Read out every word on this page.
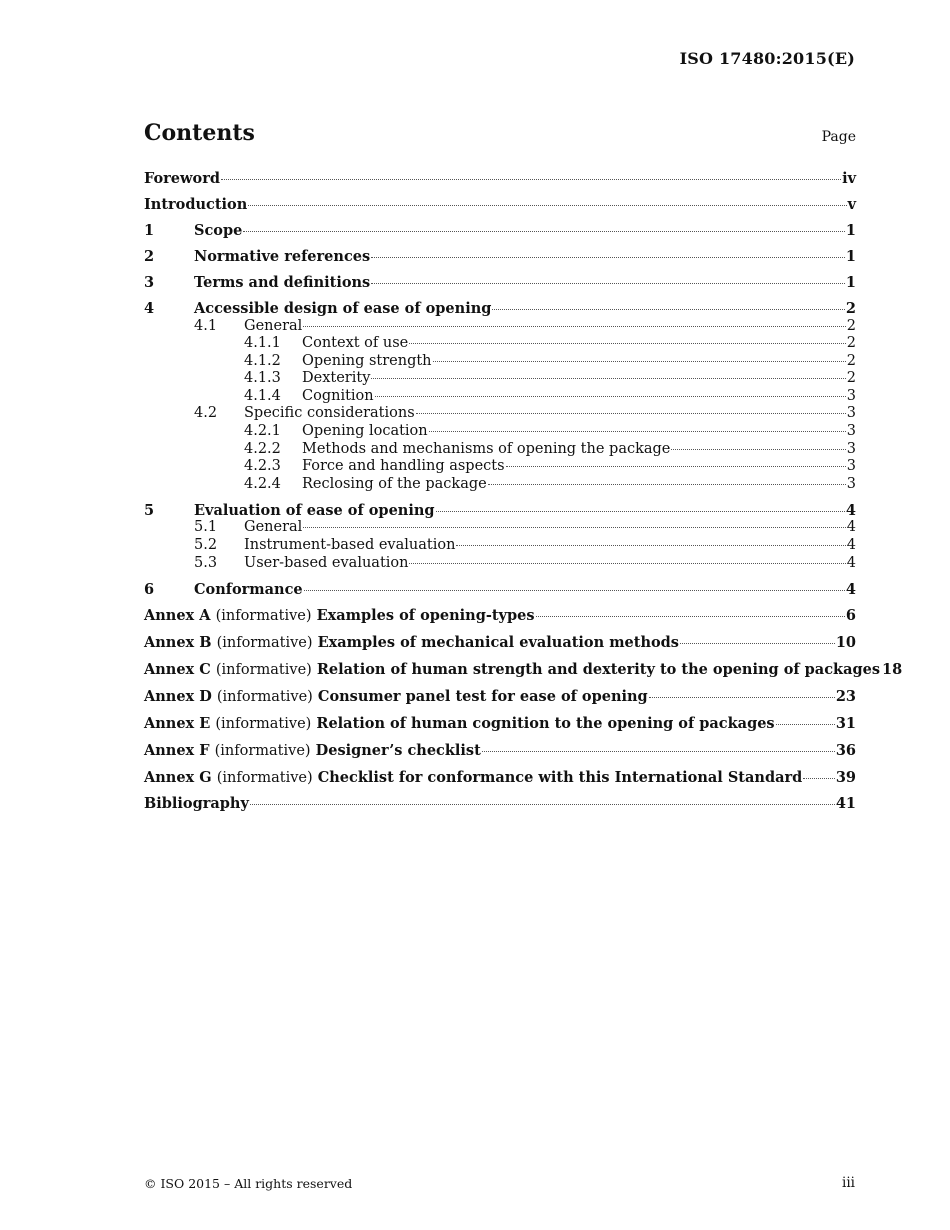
ISO 17480:2015(E)
Contents	Page
Foreword	iv
Introduction	v
1	Scope	1
2	Normative references	1
3	Terms and definitions	1
4	Accessible design of ease of opening	2
4.1	General	2
4.1.1	Context of use	2
4.1.2	Opening strength	2
4.1.3	Dexterity	2
4.1.4	Cognition	3
4.2	Specific considerations	3
4.2.1	Opening location	3
4.2.2	Methods and mechanisms of opening the package	3
4.2.3	Force and handling aspects	3
4.2.4	Reclosing of the package	3
5	Evaluation of ease of opening	4
5.1	General	4
5.2	Instrument-based evaluation	4
5.3	User-based evaluation	4
6	Conformance	4
Annex A (informative) Examples of opening-types	6
Annex B (informative) Examples of mechanical evaluation methods	10
Annex C (informative) Relation of human strength and dexterity to the opening of packages 18
Annex D (informative) Consumer panel test for ease of opening	23
Annex E (informative) Relation of human cognition to the opening of packages	31
Annex F (informative) Designer’s checklist	36
Annex G (informative) Checklist for conformance with this International Standard 39
Bibliography	41
© ISO 2015 – All rights reserved	iii
